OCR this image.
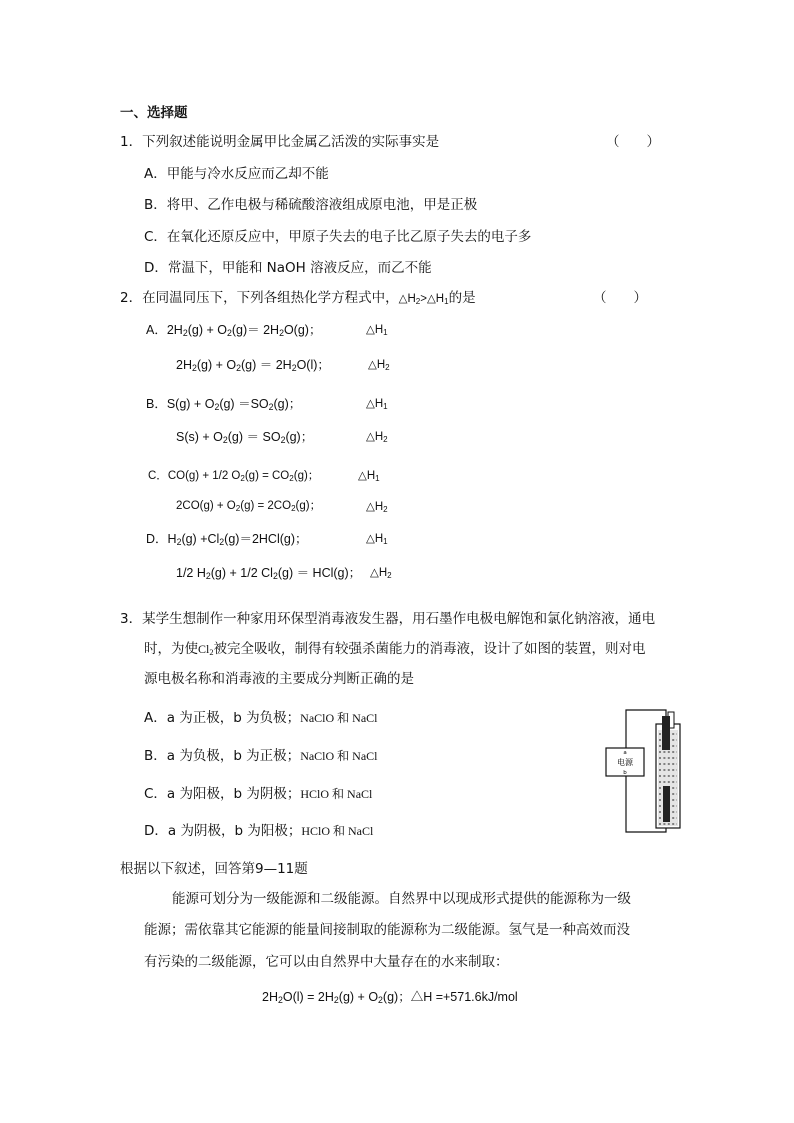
一、选择题
1．下列叙述能说明金属甲比金属乙活泼的实际事实是	（　　）
A．甲能与冷水反应而乙却不能
B．将甲、乙作电极与稀硫酸溶液组成原电池，甲是正极
C．在氧化还原反应中，甲原子失去的电子比乙原子失去的电子多
D．常温下，甲能和 NaOH 溶液反应，而乙不能
2．在同温同压下，下列各组热化学方程式中，$\triangle H_2>\triangle H_1$的是	（　　）
A．$2H_2(g) + O_2(g)= 2H_2O(g)$；	$\triangle H_1$
$2H_2(g) + O_2(g) = 2H_2O(l)$；	$\triangle H_2$
B．$S(g) + O_2(g) =SO_2(g)$；	$\triangle H_1$
$S(s) + O_2(g) = SO_2(g)$；	$\triangle H_2$
C．CO(g) + 1/2 $O_2(g) = CO_2(g)$；	$\triangle H_1$
$2CO(g) + O_2(g) = 2CO_2(g)$；	$\triangle H_2$
D．$H_2(g) +Cl_2(g)=2HCl(g)$；	$\triangle H_1$
1/2 $H_2(g) + 1/2$ $Cl_2(g) = HCl(g)$； $\triangle H_2$
3．某学生想制作一种家用环保型消毒液发生器，用石墨作电极电解饱和氯化钠溶液，通电
时，为使$Cl_2$被完全吸收，制得有较强杀菌能力的消毒液，设计了如图的装置，则对电
源电极名称和消毒液的主要成分判断正确的是
A．a 为正极，b 为负极；NaClO 和 NaCl
B．a 为负极，b 为正极；NaClO 和 NaCl
C．a 为阳极，b 为阴极；HClO 和 NaCl
D．a 为阴极，b 为阳极；HClO 和 NaCl
a
电源
b
根据以下叙述，回答第9—11题
能源可划分为一级能源和二级能源。自然界中以现成形式提供的能源称为一级
能源；需依靠其它能源的能量间接制取的能源称为二级能源。氢气是一种高效而没
有污染的二级能源，它可以由自然界中大量存在的水来制取：
$2H_2O(l) = 2H_2(g) + O_2(g)$；△H =+571.6kJ/mol
